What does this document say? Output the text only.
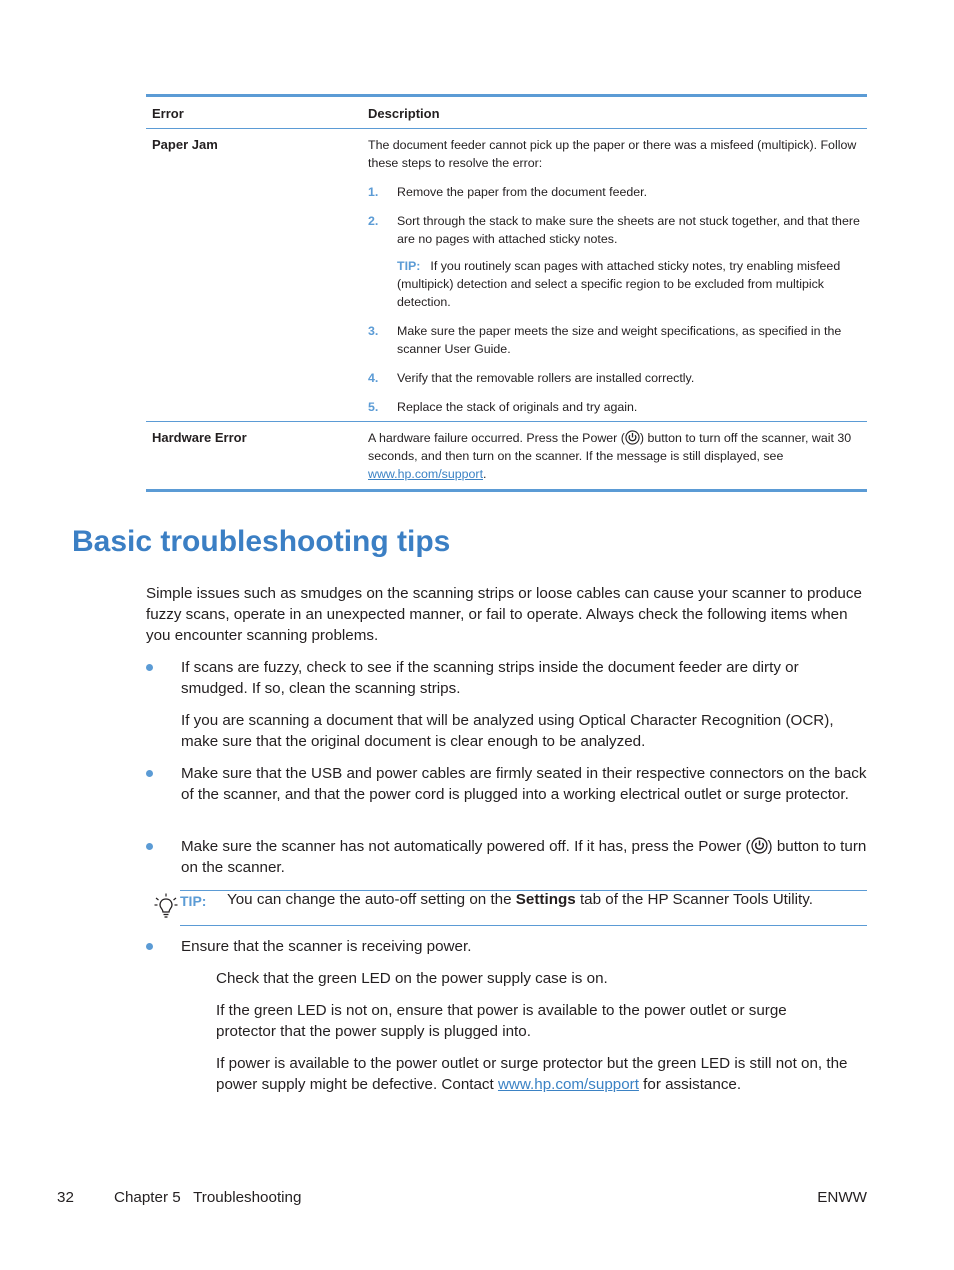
Error	Description
Paper Jam	The document feeder cannot pick up the paper or there was a misfeed (multipick). Follow these steps to resolve the error:
1. Remove the paper from the document feeder.
2. Sort through the stack to make sure the sheets are not stuck together, and that there are no pages with attached sticky notes.
TIP: If you routinely scan pages with attached sticky notes, try enabling misfeed (multipick) detection and select a specific region to be excluded from multipick detection.
3. Make sure the paper meets the size and weight specifications, as specified in the scanner User Guide.
4. Verify that the removable rollers are installed correctly.
5. Replace the stack of originals and try again.
Hardware Error	A hardware failure occurred. Press the Power ( ) button to turn off the scanner, wait 30 seconds, and then turn on the scanner. If the message is still displayed, see www.hp.com/support.
Basic troubleshooting tips
Simple issues such as smudges on the scanning strips or loose cables can cause your scanner to produce fuzzy scans, operate in an unexpected manner, or fail to operate. Always check the following items when you encounter scanning problems.
If scans are fuzzy, check to see if the scanning strips inside the document feeder are dirty or smudged. If so, clean the scanning strips.
If you are scanning a document that will be analyzed using Optical Character Recognition (OCR), make sure that the original document is clear enough to be analyzed.
Make sure that the USB and power cables are firmly seated in their respective connectors on the back of the scanner, and that the power cord is plugged into a working electrical outlet or surge protector.
Make sure the scanner has not automatically powered off. If it has, press the Power ( ) button to turn on the scanner.
TIP: You can change the auto-off setting on the Settings tab of the HP Scanner Tools Utility.
Ensure that the scanner is receiving power.
Check that the green LED on the power supply case is on.
If the green LED is not on, ensure that power is available to the power outlet or surge protector that the power supply is plugged into.
If power is available to the power outlet or surge protector but the green LED is still not on, the power supply might be defective. Contact www.hp.com/support for assistance.
32	Chapter 5   Troubleshooting	ENWW
